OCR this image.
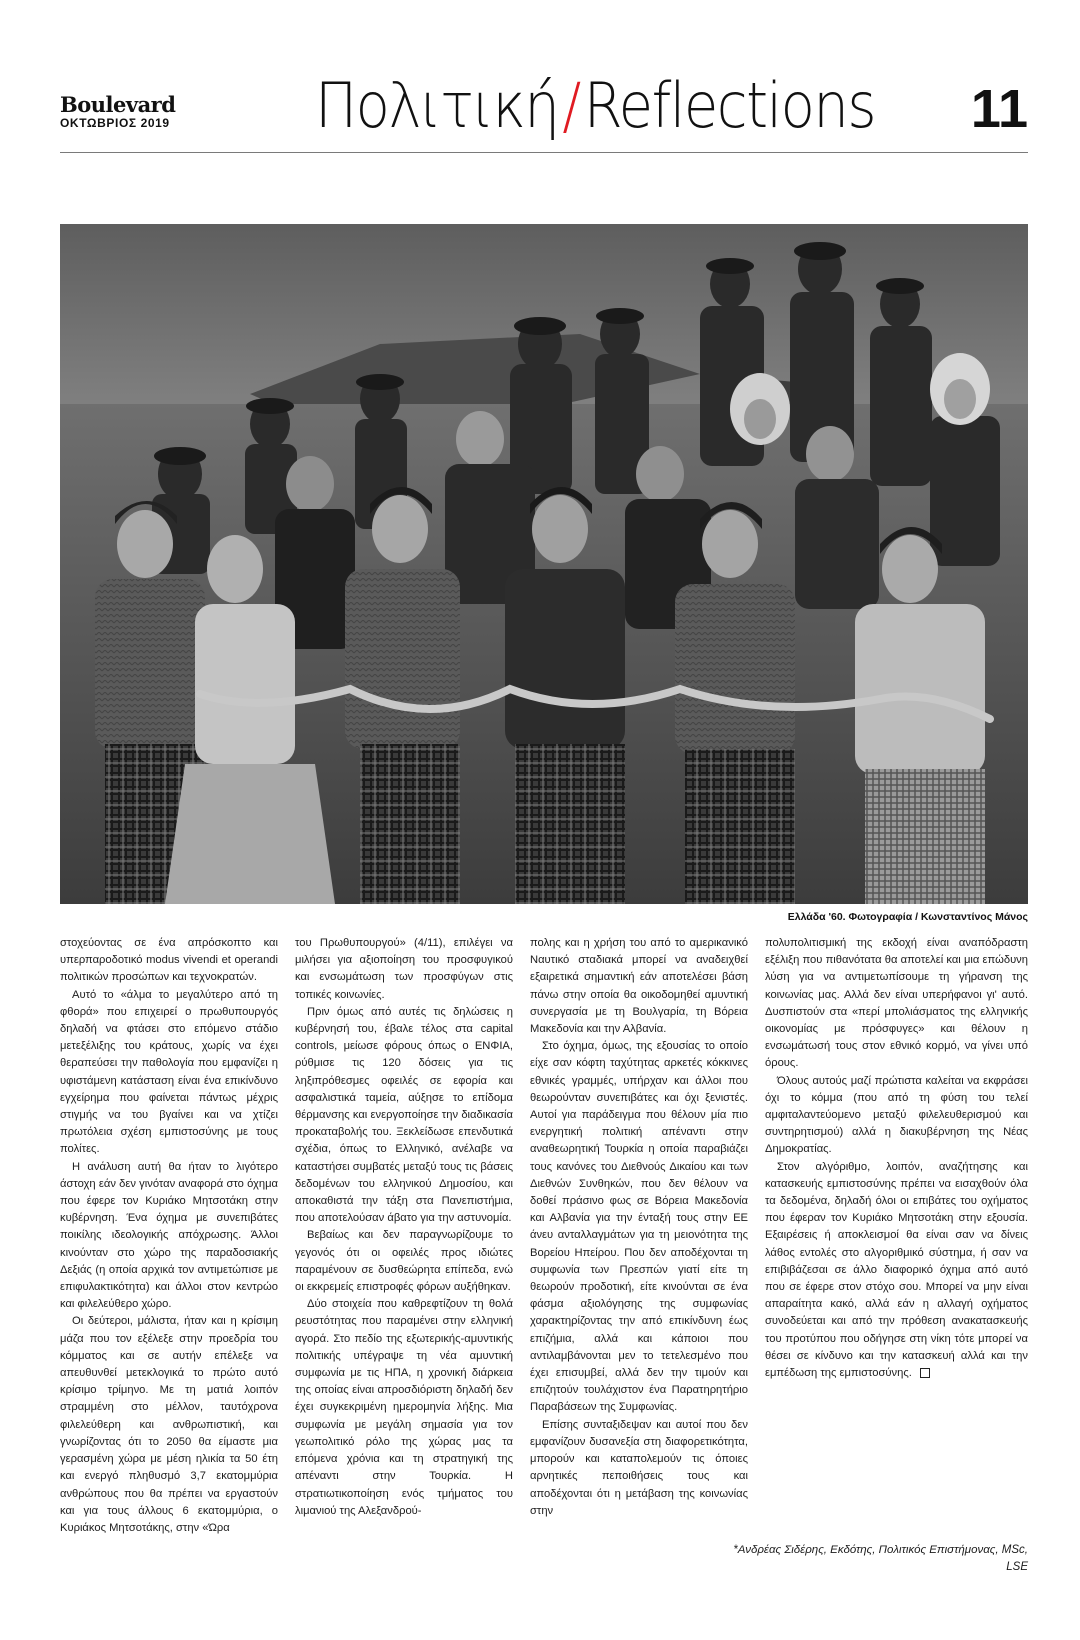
Boulevard
ΟΚΤΩΒΡΙΟΣ 2019	Πολιτική/Reflections 11
Ελλάδα '60. Φωτογραφία / Κωνσταντίνος Μάνος

στοχεύοντας σε ένα απρόσκοπτο και υπερπαροδοτικό modus vivendi et operandi πολιτικών προσώπων και τεχνοκρατών.

Αυτό το «άλμα το μεγαλύτερο από τη φθορά» που επιχειρεί ο πρωθυπουργός δηλαδή να φτάσει στο επόμενο στάδιο μετεξέλιξης του κράτους, χωρίς να έχει θεραπεύσει την παθολογία που εμφανίζει η υφιστάμενη κατάσταση είναι ένα επικίνδυνο εγχείρημα που φαίνεται πάντως μέχρις στιγμής να του βγαίνει και να χτίζει πρωτόλεια σχέση εμπιστοσύνης με τους πολίτες.

Η ανάλυση αυτή θα ήταν το λιγότερο άστοχη εάν δεν γινόταν αναφορά στο όχημα που έφερε τον Κυριάκο Μητσοτάκη στην κυβέρνηση. Ένα όχημα με συνεπιβάτες ποικίλης ιδεολογικής απόχρωσης. Άλλοι κινούνταν στο χώρο της παραδοσιακής Δεξιάς (η οποία αρχικά τον αντιμετώπισε με επιφυλακτικότητα) και άλλοι στον κεντρώο και φιλελεύθερο χώρο.

Οι δεύτεροι, μάλιστα, ήταν και η κρίσιμη μάζα που τον εξέλεξε στην προεδρία του κόμματος και σε αυτήν επέλεξε να απευθυνθεί μετεκλογικά το πρώτο αυτό κρίσιμο τρίμηνο. Με τη ματιά λοιπόν στραμμένη στο μέλλον, ταυτόχρονα φιλελεύθερη και ανθρωπιστική, και γνωρίζοντας ότι το 2050 θα είμαστε μια γερασμένη χώρα με μέση ηλικία τα 50 έτη και ενεργό πληθυσμό 3,7 εκατομμύρια ανθρώπους που θα πρέπει να εργαστούν και για τους άλλους 6 εκατομμύρια, ο Κυριάκος Μητσοτάκης, στην «Ώρα

του Πρωθυπουργού» (4/11), επιλέγει να μιλήσει για αξιοποίηση του προσφυγικού και ενσωμάτωση των προσφύγων στις τοπικές κοινωνίες.

Πριν όμως από αυτές τις δηλώσεις η κυβέρνησή του, έβαλε τέλος στα capital controls, μείωσε φόρους όπως ο ΕΝΦΙΑ, ρύθμισε τις 120 δόσεις για τις ληξιπρόθεσμες οφειλές σε εφορία και ασφαλιστικά ταμεία, αύξησε το επίδομα θέρμανσης και ενεργοποίησε την διαδικασία προκαταβολής του. Ξεκλείδωσε επενδυτικά σχέδια, όπως το Ελληνικό, ανέλαβε να καταστήσει συμβατές μεταξύ τους τις βάσεις δεδομένων του ελληνικού Δημοσίου, και αποκαθιστά την τάξη στα Πανεπιστήμια, που αποτελούσαν άβατο για την αστυνομία.

Βεβαίως και δεν παραγνωρίζουμε το γεγονός ότι οι οφειλές προς ιδιώτες παραμένουν σε δυσθεώρητα επίπεδα, ενώ οι εκκρεμείς επιστροφές φόρων αυξήθηκαν.

Δύο στοιχεία που καθρεφτίζουν τη θολά ρευστότητας που παραμένει στην ελληνική αγορά. Στο πεδίο της εξωτερικής-αμυντικής πολιτικής υπέγραψε τη νέα αμυντική συμφωνία με τις ΗΠΑ, η χρονική διάρκεια της οποίας είναι απροσδιόριστη δηλαδή δεν έχει συγκεκριμένη ημερομηνία λήξης. Μια συμφωνία με μεγάλη σημασία για τον γεωπολιτικό ρόλο της χώρας μας τα επόμενα χρόνια και τη στρατηγική της απέναντι στην Τουρκία. Η στρατιωτικοποίηση ενός τμήματος του λιμανιού της Αλεξανδρού-

πολης και η χρήση του από το αμερικανικό Ναυτικό σταδιακά μπορεί να αναδειχθεί εξαιρετικά σημαντική εάν αποτελέσει βάση πάνω στην οποία θα οικοδομηθεί αμυντική συνεργασία με τη Βουλγαρία, τη Βόρεια Μακεδονία και την Αλβανία.

Στο όχημα, όμως, της εξουσίας το οποίο είχε σαν κόφτη ταχύτητας αρκετές κόκκινες εθνικές γραμμές, υπήρχαν και άλλοι που θεωρούνταν συνεπιβάτες και όχι ξενιστές. Αυτοί για παράδειγμα που θέλουν μία πιο ενεργητική πολιτική απέναντι στην αναθεωρητική Τουρκία η οποία παραβιάζει τους κανόνες του Διεθνούς Δικαίου και των Διεθνών Συνθηκών, που δεν θέλουν να δοθεί πράσινο φως σε Βόρεια Μακεδονία και Αλβανία για την ένταξή τους στην ΕΕ άνευ ανταλλαγμάτων για τη μειονότητα της Βορείου Ηπείρου. Που δεν αποδέχονται τη συμφωνία των Πρεσπών γιατί είτε τη θεωρούν προδοτική, είτε κινούνται σε ένα φάσμα αξιολόγησης της συμφωνίας χαρακτηρίζοντας την από επικίνδυνη έως επιζήμια, αλλά και κάποιοι που αντιλαμβάνονται μεν το τετελεσμένο που έχει επισυμβεί, αλλά δεν την τιμούν και επιζητούν τουλάχιστον ένα Παρατηρητήριο Παραβάσεων της Συμφωνίας.

Επίσης συνταξιδεψαν και αυτοί που δεν εμφανίζουν δυσανεξία στη διαφορετικότητα, μπορούν και καταπολεμούν τις όποιες αρνητικές πεποιθήσεις τους και αποδέχονται ότι η μετάβαση της κοινωνίας στην

πολυπολιτισμική της εκδοχή είναι αναπόδραστη εξέλιξη που πιθανότατα θα αποτελεί και μια επώδυνη λύση για να αντιμετωπίσουμε τη γήρανση της κοινωνίας μας. Αλλά δεν είναι υπερήφανοι γι' αυτό. Δυσπιστούν στα «περί μπολιάσματος της ελληνικής οικονομίας με πρόσφυγες» και θέλουν η ενσωμάτωσή τους στον εθνικό κορμό, να γίνει υπό όρους.

Όλους αυτούς μαζί πρώτιστα καλείται να εκφράσει όχι το κόμμα (που από τη φύση του τελεί αμφιταλαντεύομενο μεταξύ φιλελευθερισμού και συντηρητισμού) αλλά η διακυβέρνηση της Νέας Δημοκρατίας.

Στον αλγόριθμο, λοιπόν, αναζήτησης και κατασκευής εμπιστοσύνης πρέπει να εισαχθούν όλα τα δεδομένα, δηλαδή όλοι οι επιβάτες του οχήματος που έφεραν τον Κυριάκο Μητσοτάκη στην εξουσία. Εξαιρέσεις ή αποκλεισμοί θα είναι σαν να δίνεις λάθος εντολές στο αλγοριθμικό σύστημα, ή σαν να επιβιβάζεσαι σε άλλο διαφορικό όχημα από αυτό που σε έφερε στον στόχο σου. Μπορεί να μην είναι απαραίτητα κακό, αλλά εάν η αλλαγή οχήματος συνοδεύεται και από την πρόθεση ανακατασκευής του προτύπου που οδήγησε στη νίκη τότε μπορεί να θέσει σε κίνδυνο και την κατασκευή αλλά και την εμπέδωση της εμπιστοσύνης.

*Ανδρέας Σιδέρης, Εκδότης, Πολιτικός Επιστήμονας, MSc, LSE
